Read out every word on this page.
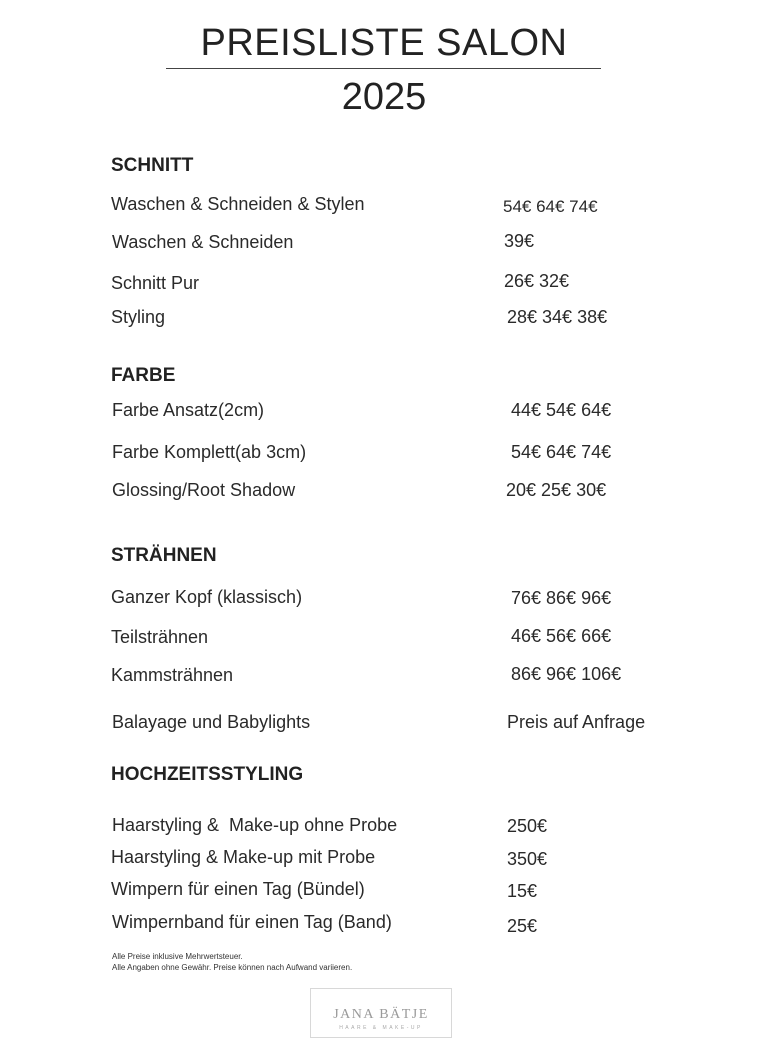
PREISLISTE SALON
2025
SCHNITT
Waschen & Schneiden & Stylen	54€ 64€ 74€
Waschen & Schneiden	39€
Schnitt Pur	26€ 32€
Styling	28€ 34€ 38€
FARBE
Farbe Ansatz(2cm)	44€ 54€ 64€
Farbe Komplett(ab 3cm)	54€ 64€ 74€
Glossing/Root Shadow	20€ 25€ 30€
STRÄHNEN
Ganzer Kopf (klassisch)	76€ 86€ 96€
Teilsträhnen	46€ 56€ 66€
Kammsträhnen	86€ 96€ 106€
Balayage und Babylights	Preis auf Anfrage
HOCHZEITSSTYLING
Haarstyling &  Make-up ohne Probe	250€
Haarstyling & Make-up mit Probe	350€
Wimpern für einen Tag (Bündel)	15€
Wimpernband für einen Tag (Band)	25€
Alle Preise inklusive Mehrwertsteuer.
Alle Angaben ohne Gewähr. Preise können nach Aufwand variieren.
JANA BÄTJE
HAARE & MAKE-UP
